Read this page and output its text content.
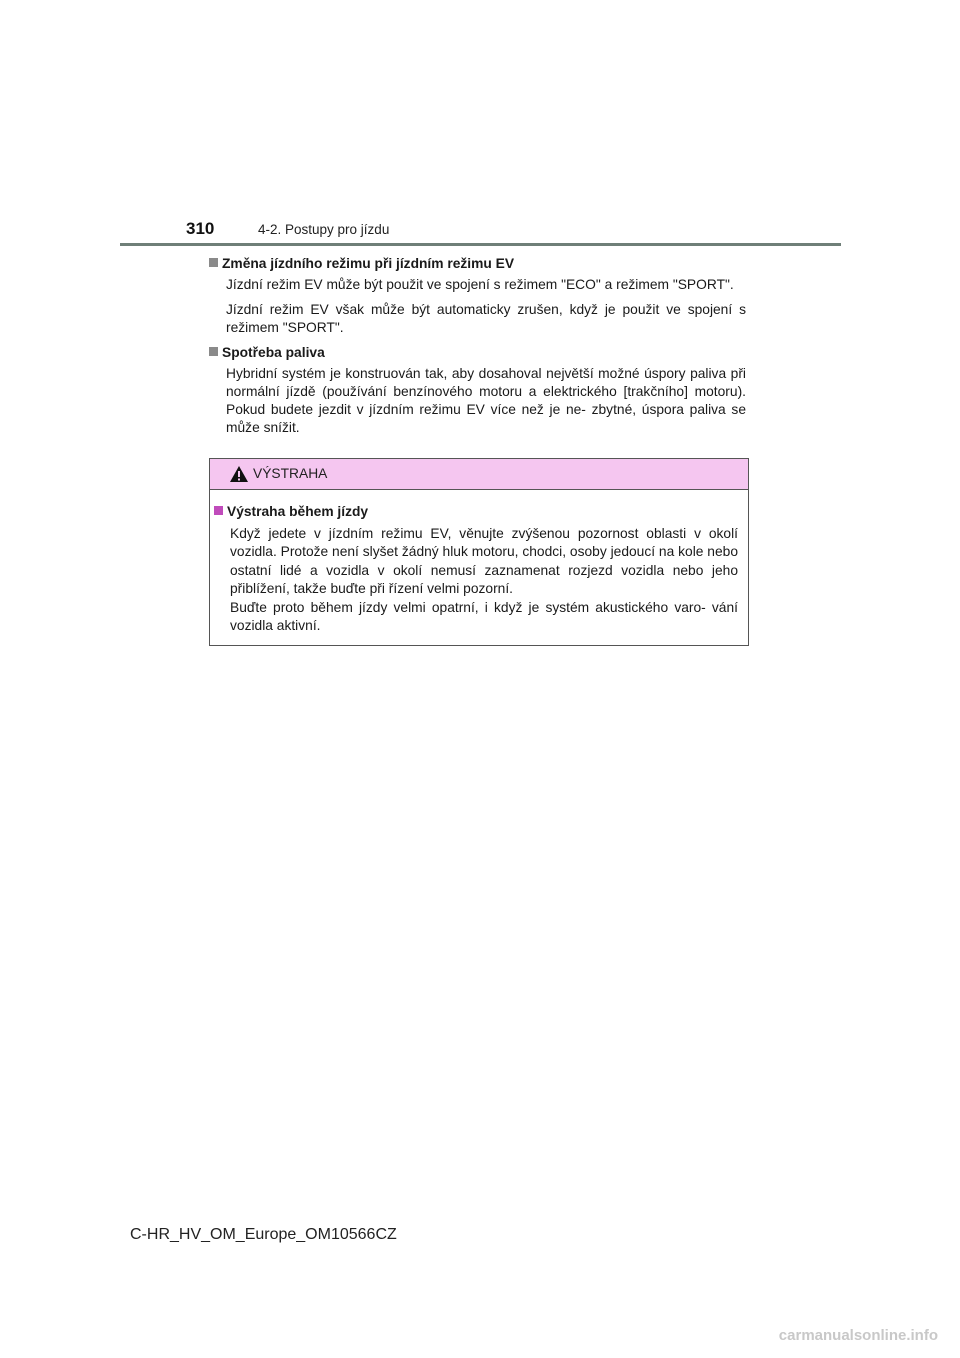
310	4-2. Postupy pro jízdu
Změna jízdního režimu při jízdním režimu EV
Jízdní režim EV může být použit ve spojení s režimem "ECO" a režimem "SPORT".
Jízdní režim EV však může být automaticky zrušen, když je použit ve spojení s režimem "SPORT".
Spotřeba paliva
Hybridní systém je konstruován tak, aby dosahoval největší možné úspory paliva při normální jízdě (používání benzínového motoru a elektrického [trakčního] motoru). Pokud budete jezdit v jízdním režimu EV více než je ne- zbytné, úspora paliva se může snížit.
VÝSTRAHA
Výstraha během jízdy
Když jedete v jízdním režimu EV, věnujte zvýšenou pozornost oblasti v okolí vozidla. Protože není slyšet žádný hluk motoru, chodci, osoby jedoucí na kole nebo ostatní lidé a vozidla v okolí nemusí zaznamenat rozjezd vozidla nebo jeho přiblížení, takže buďte při řízení velmi pozorní.
Buďte proto během jízdy velmi opatrní, i když je systém akustického varo- vání vozidla aktivní.
C-HR_HV_OM_Europe_OM10566CZ
carmanualsonline.info
